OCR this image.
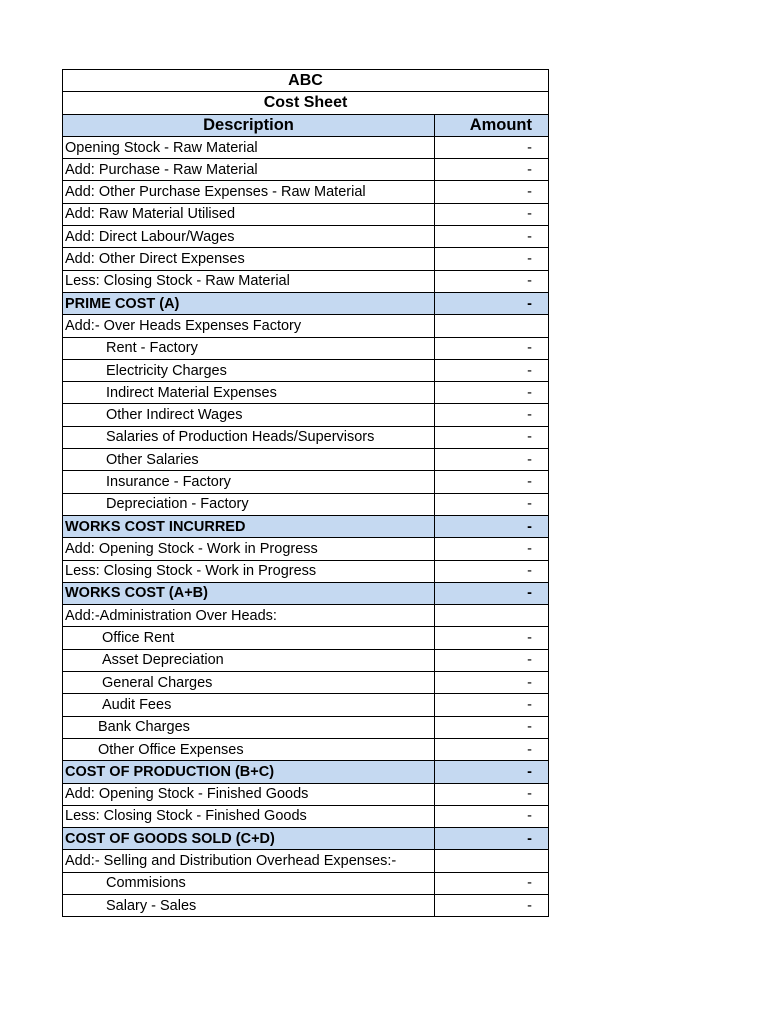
ABC	
Cost Sheet	
Description	Amount
Opening Stock - Raw Material	-
Add: Purchase - Raw Material	-
Add: Other Purchase Expenses - Raw Material	-
Add: Raw Material Utilised	-
Add: Direct Labour/Wages	-
Add: Other Direct Expenses	-
Less: Closing Stock - Raw Material	-
PRIME COST (A)	-
Add:- Over Heads Expenses Factory	
Rent - Factory	-
Electricity Charges	-
Indirect Material Expenses	-
Other Indirect Wages	-
Salaries of Production Heads/Supervisors	-
Other Salaries	-
Insurance - Factory	-
Depreciation - Factory	-
WORKS COST INCURRED	-
Add: Opening Stock - Work in Progress	-
Less: Closing Stock - Work in Progress	-
WORKS COST (A+B)	-
Add:-Administration Over Heads:	
Office Rent	-
Asset Depreciation	-
General Charges	-
Audit Fees	-
Bank Charges	-
Other Office Expenses	-
COST OF PRODUCTION (B+C)	-
Add: Opening Stock - Finished Goods	-
Less: Closing Stock - Finished Goods	-
COST OF GOODS SOLD (C+D)	-
Add:- Selling and Distribution Overhead Expenses:-	
Commisions	-
Salary - Sales	-
